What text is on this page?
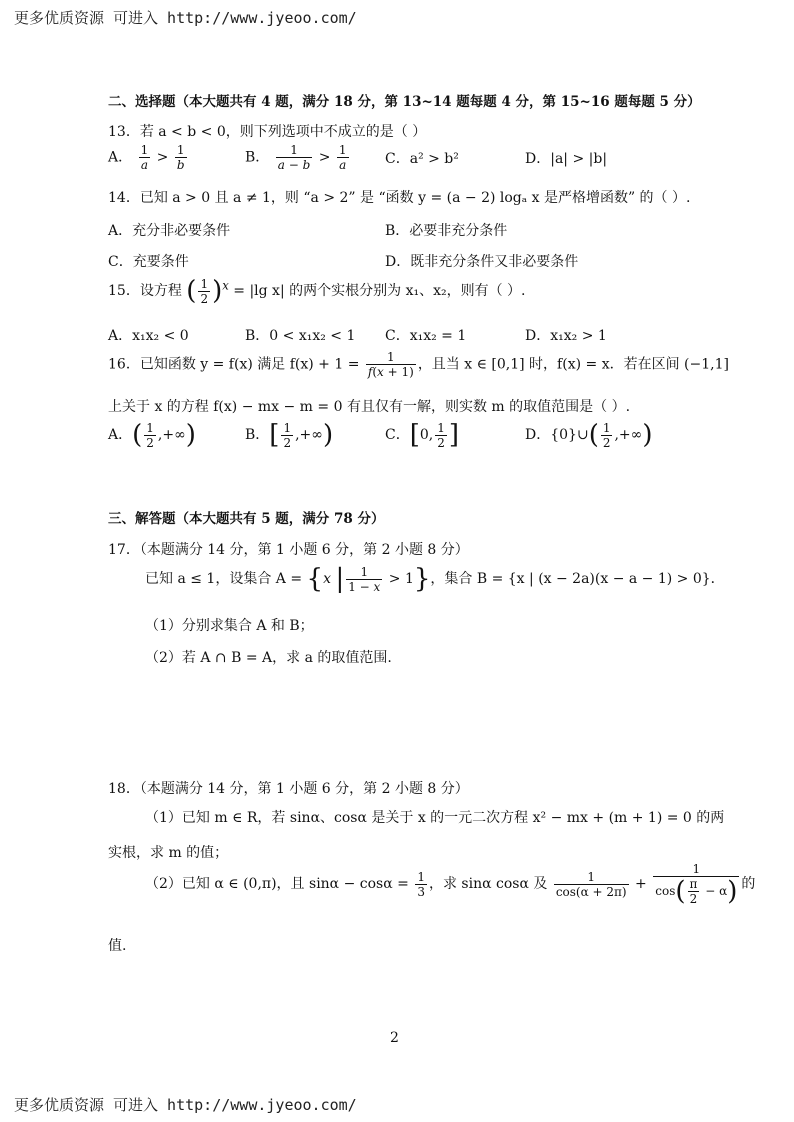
更多优质资源 可进入 http://www.jyeoo.com/
更多优质资源 可进入 http://www.jyeoo.com/
2
二、选择题（本大题共有 4 题，满分 18 分，第 13~14 题每题 4 分，第 15~16 题每题 5 分）
13．若 a < b < 0，则下列选项中不成立的是（ ）
A． $\frac{1}{a} > \frac{1}{b}$	B． $\frac{1}{a - b} > \frac{1}{a}$	C．a² > b²	D．|a| > |b|
14．已知 a > 0 且 a ≠ 1，则 “a > 2” 是 “函数 y = (a − 2) logₐ x 是严格增函数” 的（ ）.
A．充分非必要条件	B．必要非充分条件
C．充要条件	D．既非充分条件又非必要条件
15．设方程 ( $\frac{1}{2} )^x = |\lg$ x| 的两个实根分别为 x₁、x₂，则有（ ）.
A．x₁x₂ < 0	B．0 < x₁x₂ < 1 C．x₁x₂ = 1	D．x₁x₂ > 1
16．已知函数 y = f(x) 满足 $f(x) + 1 = \frac{1}{f(x + 1)}$ ，且当 x ∈ [0,1] 时，f(x) = x．若在区间 (−1,1]
上关于 x 的方程 f(x) − mx − m = 0 有且仅有一解，则实数 m 的取值范围是（ ）.
A．( $\frac{1}{2}$ ,+∞)	B．[ $\frac{1}{2}$ ,+∞)	C．[0, $\frac{1}{2}$ ]	D．{0}∪( $\frac{1}{2}$ ,+∞)
三、解答题（本大题共有 5 题，满分 78 分）
17．（本题满分 14 分，第 1 小题 6 分，第 2 小题 8 分）
已知 a ≤ 1，设集合 A = {x | $\frac{1}{1 - x} > 1$}，集合 B = {x | (x − 2a)(x − a − 1) > 0}．
（1）分别求集合 A 和 B；
（2）若 A ∩ B = A，求 a 的取值范围.
18．（本题满分 14 分，第 1 小题 6 分，第 2 小题 8 分）
（1）已知 m ∈ R，若 sinα、cosα 是关于 x 的一元二次方程 x² − mx + (m + 1) = 0 的两
实根，求 m 的值；
（2）已知 α ∈ (0,π)，且 $\sin\alpha - \cos\alpha = \frac{1}{3}$ ，求 sinα cosα 及 $\frac{1}{\cos(\alpha + 2\pi)} + \frac{1}{\cos( \frac{\pi}{2} - \alpha)}$ 的
值.
